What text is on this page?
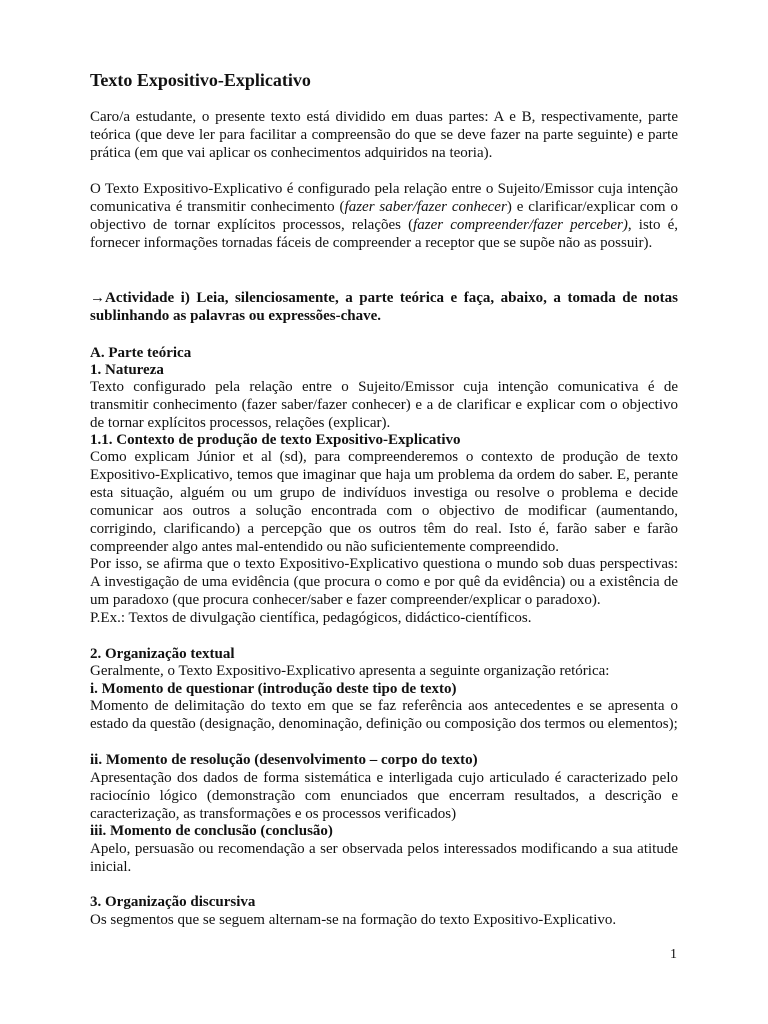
Texto Expositivo-Explicativo

Caro/a estudante, o presente texto está dividido em duas partes: A e B, respectivamente, parte teórica (que deve ler para facilitar a compreensão do que se deve fazer na parte seguinte) e parte prática (em que vai aplicar os conhecimentos adquiridos na teoria).

O Texto Expositivo-Explicativo é configurado pela relação entre o Sujeito/Emissor cuja intenção comunicativa é transmitir conhecimento (fazer saber/fazer conhecer) e clarificar/explicar com o objectivo de tornar explícitos processos, relações (fazer compreender/fazer perceber), isto é, fornecer informações tornadas fáceis de compreender a receptor que se supõe não as possuir).

→Actividade i) Leia, silenciosamente, a parte teórica e faça, abaixo, a tomada de notas sublinhando as palavras ou expressões-chave.

A. Parte teórica

1. Natureza

Texto configurado pela relação entre o Sujeito/Emissor cuja intenção comunicativa é de transmitir conhecimento (fazer saber/fazer conhecer) e a de clarificar e explicar com o objectivo de tornar explícitos processos, relações (explicar).

1.1. Contexto de produção de texto Expositivo-Explicativo

Como explicam Júnior et al (sd), para compreenderemos o contexto de produção de texto Expositivo-Explicativo, temos que imaginar que haja um problema da ordem do saber. E, perante esta situação, alguém ou um grupo de indivíduos investiga ou resolve o problema e decide comunicar aos outros a solução encontrada com o objectivo de modificar (aumentando, corrigindo, clarificando) a percepção que os outros têm do real. Isto é, farão saber e farão compreender algo antes mal-entendido ou não suficientemente compreendido.

Por isso, se afirma que o texto Expositivo-Explicativo questiona o mundo sob duas perspectivas: A investigação de uma evidência (que procura o como e por quê da evidência) ou a existência de um paradoxo (que procura conhecer/saber e fazer compreender/explicar o paradoxo).

P.Ex.: Textos de divulgação científica, pedagógicos, didáctico-científicos.

2. Organização textual

Geralmente, o Texto Expositivo-Explicativo apresenta a seguinte organização retórica:

i. Momento de questionar (introdução deste tipo de texto)

Momento de delimitação do texto em que se faz referência aos antecedentes e se apresenta o estado da questão (designação, denominação, definição ou composição dos termos ou elementos);

ii. Momento de resolução (desenvolvimento – corpo do texto)

Apresentação dos dados de forma sistemática e interligada cujo articulado é caracterizado pelo raciocínio lógico (demonstração com enunciados que encerram resultados, a descrição e caracterização, as transformações e os processos verificados)

iii. Momento de conclusão (conclusão)

Apelo, persuasão ou recomendação a ser observada pelos interessados modificando a sua atitude inicial.

3. Organização discursiva

Os segmentos que se seguem alternam-se na formação do texto Expositivo-Explicativo.

1
